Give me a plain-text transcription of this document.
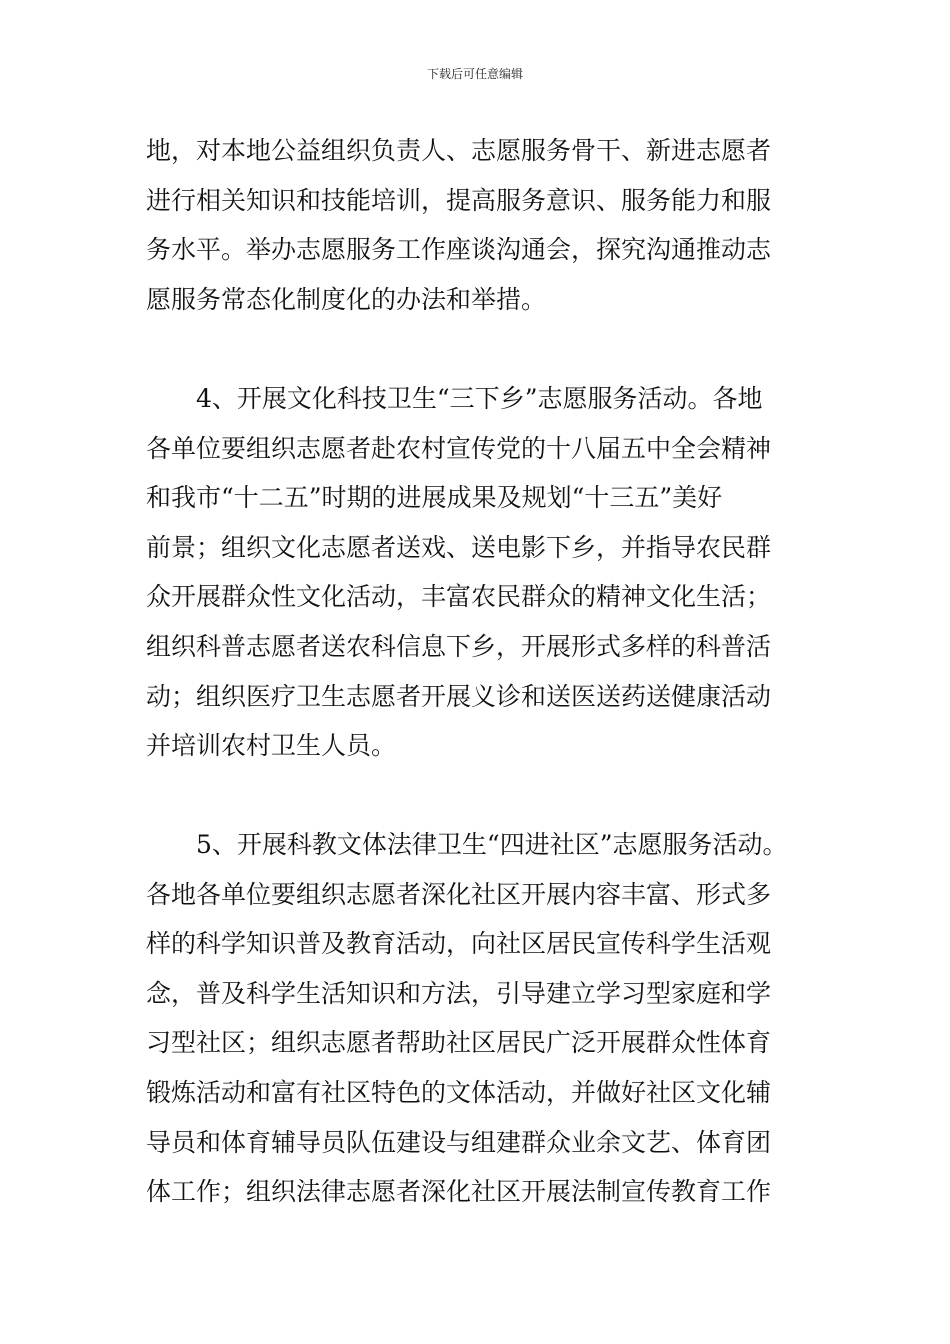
下载后可任意编辑
地，对本地公益组织负责人、志愿服务骨干、新进志愿者
进行相关知识和技能培训，提高服务意识、服务能力和服
务水平。举办志愿服务工作座谈沟通会，探究沟通推动志
愿服务常态化制度化的办法和举措。
4、开展文化科技卫生“三下乡”志愿服务活动。各地
各单位要组织志愿者赴农村宣传党的十八届五中全会精神
和我市“十二五”时期的进展成果及规划“十三五”美好
前景；组织文化志愿者送戏、送电影下乡，并指导农民群
众开展群众性文化活动，丰富农民群众的精神文化生活；
组织科普志愿者送农科信息下乡，开展形式多样的科普活
动；组织医疗卫生志愿者开展义诊和送医送药送健康活动
并培训农村卫生人员。
5、开展科教文体法律卫生“四进社区”志愿服务活动。
各地各单位要组织志愿者深化社区开展内容丰富、形式多
样的科学知识普及教育活动，向社区居民宣传科学生活观
念，普及科学生活知识和方法，引导建立学习型家庭和学
习型社区；组织志愿者帮助社区居民广泛开展群众性体育
锻炼活动和富有社区特色的文体活动，并做好社区文化辅
导员和体育辅导员队伍建设与组建群众业余文艺、体育团
体工作；组织法律志愿者深化社区开展法制宣传教育工作
